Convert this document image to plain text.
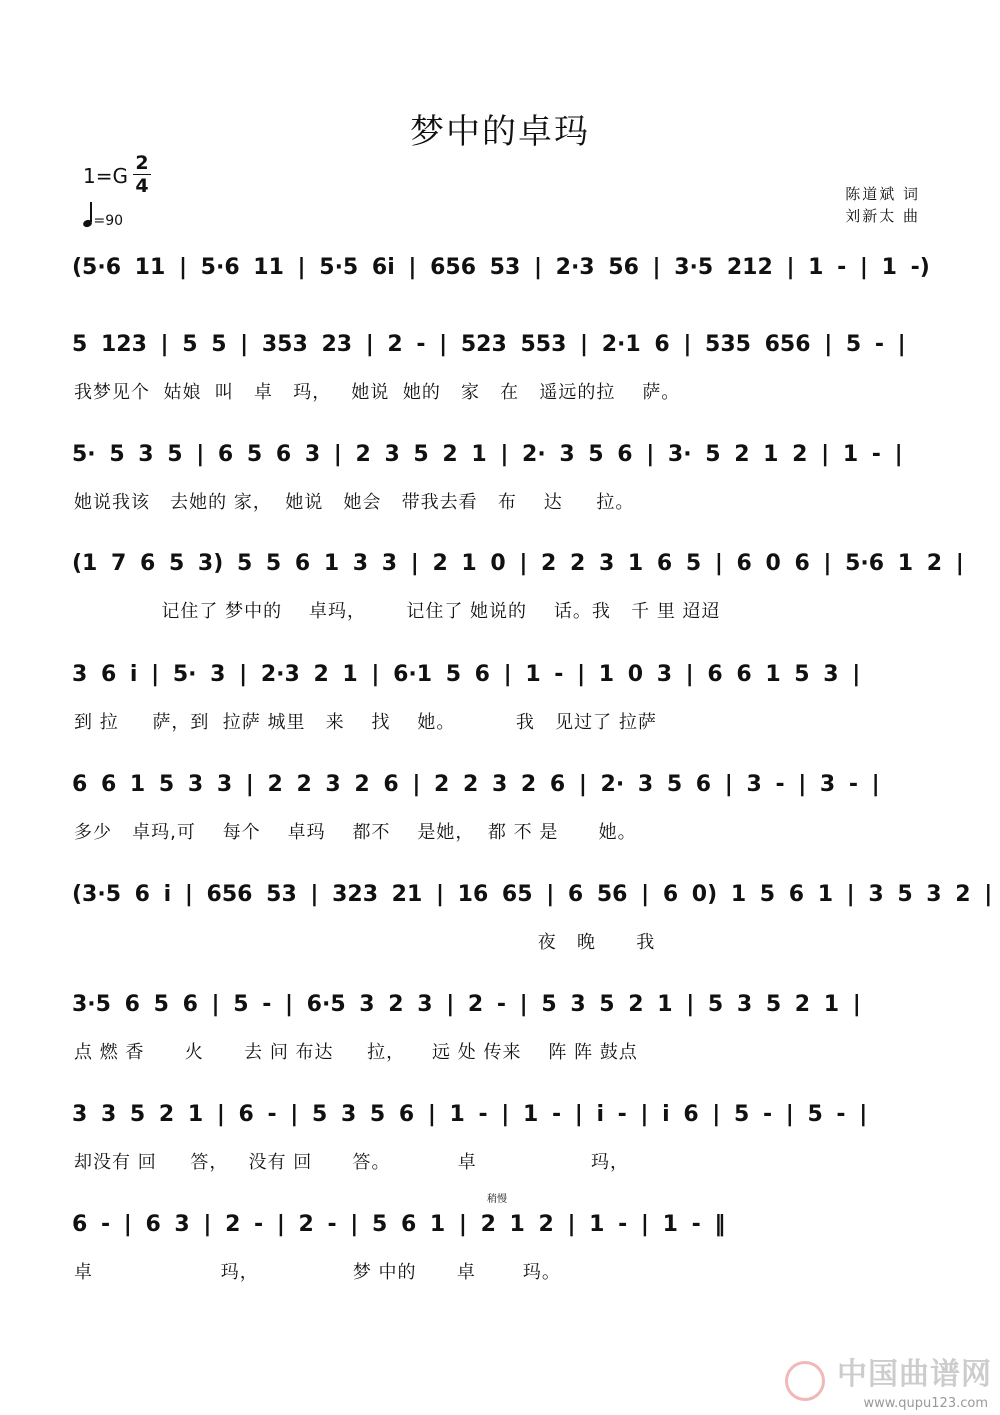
梦中的卓玛
1=G
2
4
=90
陈道斌 词
刘新太 曲
(5·6 11 | 5·6 11 | 5·5 6i | 656 53 | 2·3 56 | 3·5 212 | 1 - | 1 -)
5 123 | 5 5 | 353 23 | 2 - | 523 553 | 2·1 6 | 535 656 | 5 - |
我梦见个  姑娘  叫   卓   玛，   她说  她的   家   在   遥远的拉    萨。
5· 5 3 5 | 6 5 6 3 | 2 3 5 2 1 | 2· 3 5 6 | 3· 5 2 1 2 | 1 - |
她说我该   去她的 家，  她说   她会   带我去看   布    达     拉。
(1 7 6 5 3) 5 5 6 1 3 3 | 2 1 0 | 2 2 3 1 6 5 | 6 0 6 | 5·6 1 2 |
记住了 梦中的    卓玛，      记住了 她说的    话。我   千 里 迢迢
3 6 i | 5· 3 | 2·3 2 1 | 6·1 5 6 | 1 - | 1 0 3 | 6 6 1 5 3 |
到 拉     萨，到  拉萨 城里   来    找    她。         我   见过了 拉萨
6 6 1 5 3 3 | 2 2 3 2 6 | 2 2 3 2 6 | 2· 3 5 6 | 3 - | 3 - |
多少   卓玛,可    每个    卓玛    都不    是她，  都 不 是      她。
(3·5 6 i | 656 53 | 323 21 | 16 65 | 6 56 | 6 0) 1 5 6 1 | 3 5 3 2 |
夜   晚      我
3·5 6 5 6 | 5 - | 6·5 3 2 3 | 2 - | 5 3 5 2 1 | 5 3 5 2 1 |
点 燃 香      火      去 问 布达     拉，    远 处 传来    阵 阵 鼓点
3 3 5 2 1 | 6 - | 5 3 5 6 | 1 - | 1 - | i - | i 6 | 5 - | 5 - |
却没有 回     答，   没有 回      答。          卓                 玛，
6 - | 6 3 | 2 - | 2 - | 5 6 1 | 2 1 2 | 1 - | 1 - ‖
卓                   玛，              梦 中的      卓       玛。
稍慢
中国曲谱网
www.qupu123.com
